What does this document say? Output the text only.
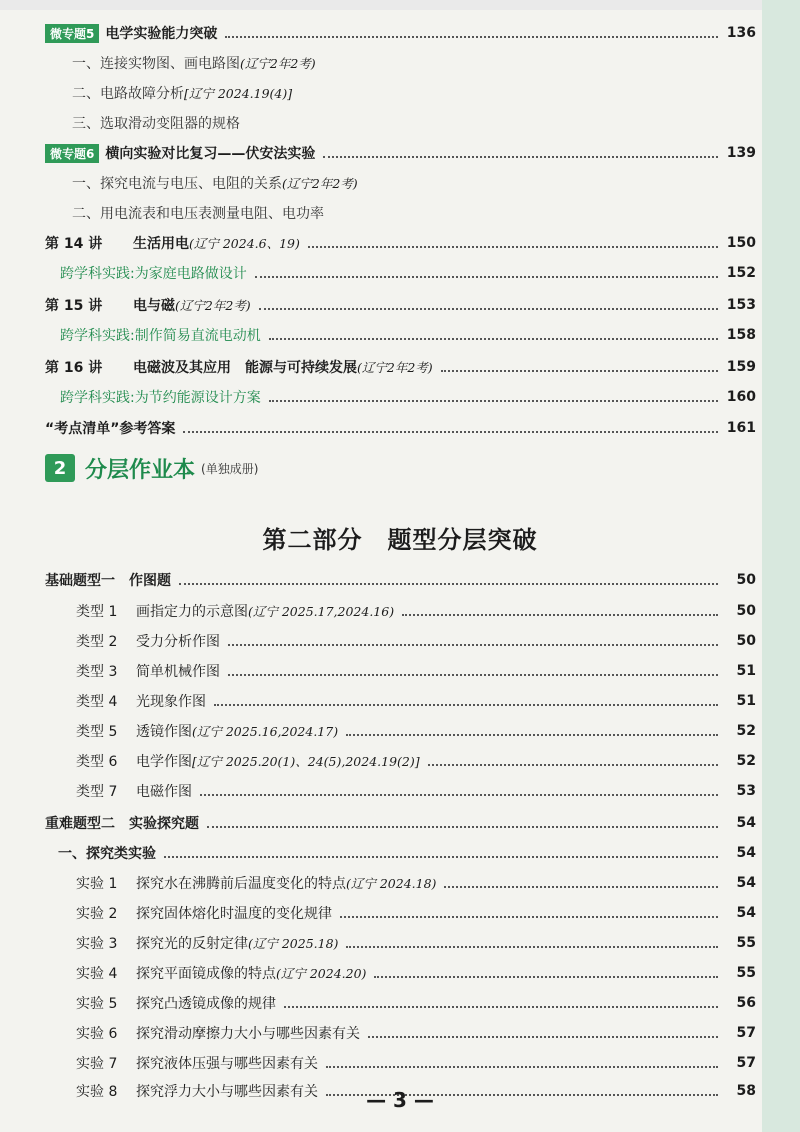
微专题5 电学实验能力突破	136
一、连接实物图、画电路图 (辽宁2年2考)
二、电路故障分析 [辽宁 2024.19(4)]
三、选取滑动变阻器的规格
微专题6 横向实验对比复习——伏安法实验	139
一、探究电流与电压、电阻的关系 (辽宁2年2考)
二、用电流表和电压表测量电阻、电功率
第 14 讲	生活用电 (辽宁 2024.6、19)	150
跨学科实践:为家庭电路做设计	152
第 15 讲	电与磁 (辽宁2年2考)	153
跨学科实践:制作简易直流电动机	158
第 16 讲	电磁波及其应用　能源与可持续发展 (辽宁2年2考)	159
跨学科实践:为节约能源设计方案	160
“考点清单”参考答案	161
2 分层作业本 (单独成册)
第二部分　题型分层突破
基础题型一　作图题	50
类型 1	画指定力的示意图 (辽宁 2025.17,2024.16)	50
类型 2	受力分析作图	50
类型 3	简单机械作图	51
类型 4	光现象作图	51
类型 5	透镜作图 (辽宁 2025.16,2024.17)	52
类型 6	电学作图 [辽宁 2025.20(1)、24(5),2024.19(2)]	52
类型 7	电磁作图	53
重难题型二　实验探究题	54
一、探究类实验	54
实验 1	探究水在沸腾前后温度变化的特点 (辽宁 2024.18)	54
实验 2	探究固体熔化时温度的变化规律	54
实验 3	探究光的反射定律 (辽宁 2025.18)	55
实验 4	探究平面镜成像的特点 (辽宁 2024.20)	55
实验 5	探究凸透镜成像的规律	56
实验 6	探究滑动摩擦力大小与哪些因素有关	57
实验 7	探究液体压强与哪些因素有关	57
实验 8	探究浮力大小与哪些因素有关	58
— 3 —
